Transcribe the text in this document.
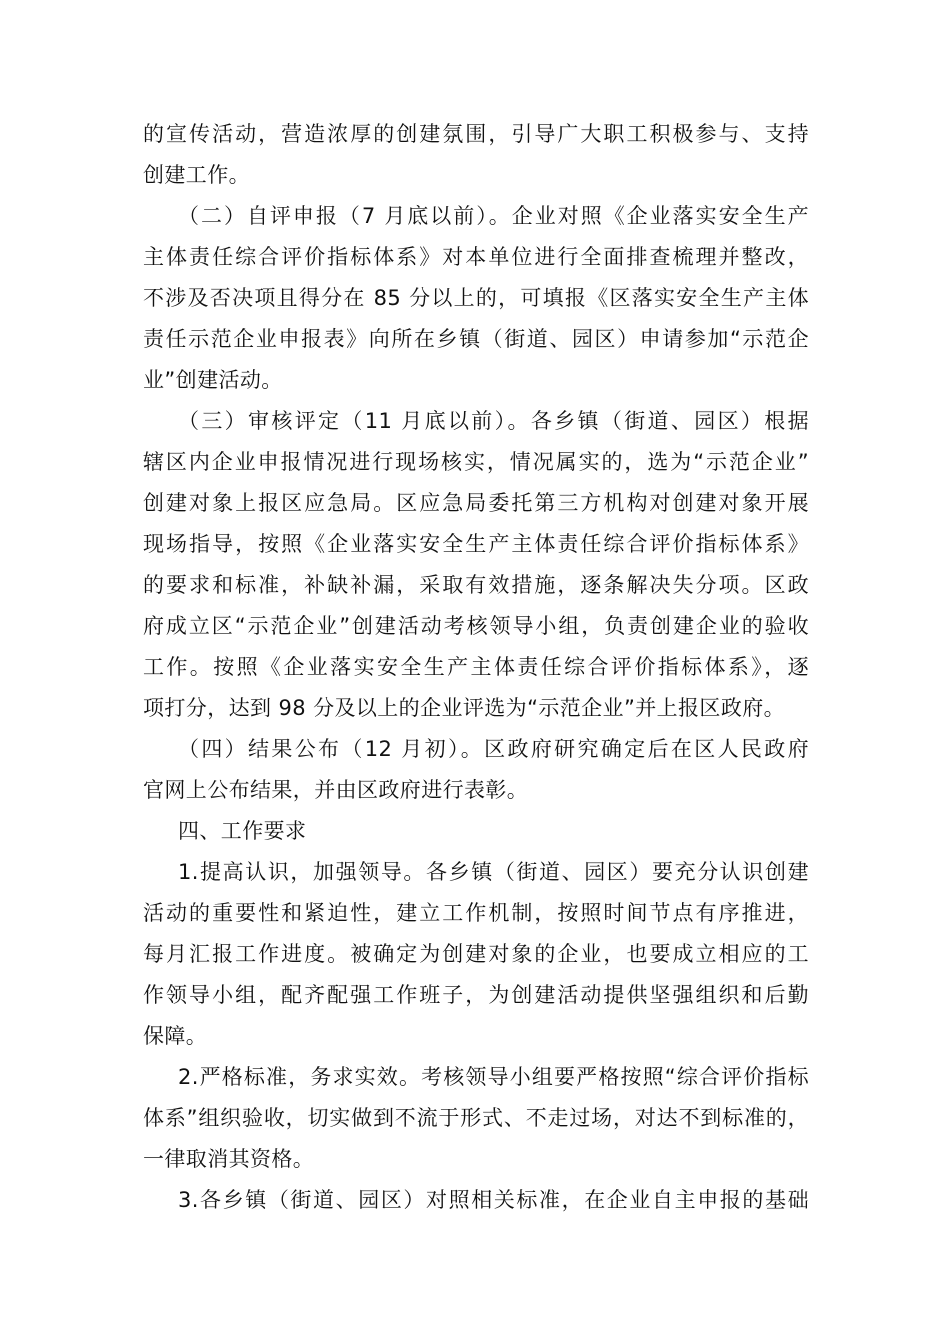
的宣传活动，营造浓厚的创建氛围，引导广大职工积极参与、支持
创建工作。
（二）自评申报（7 月底以前）。企业对照《企业落实安全生产
主体责任综合评价指标体系》对本单位进行全面排查梳理并整改，
不涉及否决项且得分在 85 分以上的，可填报《区落实安全生产主体
责任示范企业申报表》向所在乡镇（街道、园区）申请参加“示范企
业”创建活动。
（三）审核评定（11 月底以前）。各乡镇（街道、园区）根据
辖区内企业申报情况进行现场核实，情况属实的，选为“示范企业”
创建对象上报区应急局。区应急局委托第三方机构对创建对象开展
现场指导，按照《企业落实安全生产主体责任综合评价指标体系》
的要求和标准，补缺补漏，采取有效措施，逐条解决失分项。区政
府成立区“示范企业”创建活动考核领导小组，负责创建企业的验收
工作。按照《企业落实安全生产主体责任综合评价指标体系》，逐
项打分，达到 98 分及以上的企业评选为“示范企业”并上报区政府。
（四）结果公布（12 月初）。区政府研究确定后在区人民政府
官网上公布结果，并由区政府进行表彰。
四、工作要求
1.提高认识，加强领导。各乡镇（街道、园区）要充分认识创建
活动的重要性和紧迫性，建立工作机制，按照时间节点有序推进，
每月汇报工作进度。被确定为创建对象的企业，也要成立相应的工
作领导小组，配齐配强工作班子，为创建活动提供坚强组织和后勤
保障。
2.严格标准，务求实效。考核领导小组要严格按照“综合评价指标
体系”组织验收，切实做到不流于形式、不走过场，对达不到标准的，
一律取消其资格。
3.各乡镇（街道、园区）对照相关标准，在企业自主申报的基础
